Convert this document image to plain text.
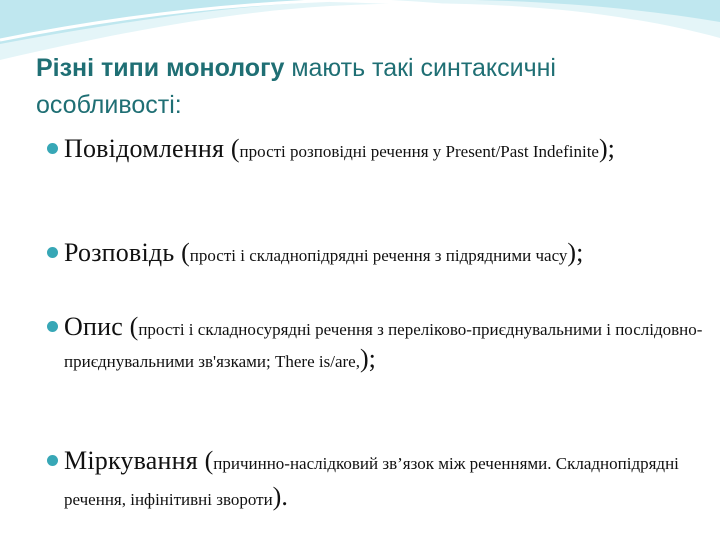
Різні типи монологу мають такі синтаксичні особливості:
Повідомлення (прості розповідні речення у Present/Past Indefinite);
Розповідь (прості і складнопідрядні речення з підрядними часу);
Опис (прості і складносурядні речення з переліково-приєднувальними і послідовно-приєднувальними зв'язками; There is/are,);
Міркування (причинно-наслідковий зв’язок між реченнями. Складнопідрядні речення, інфінітивні звороти).
